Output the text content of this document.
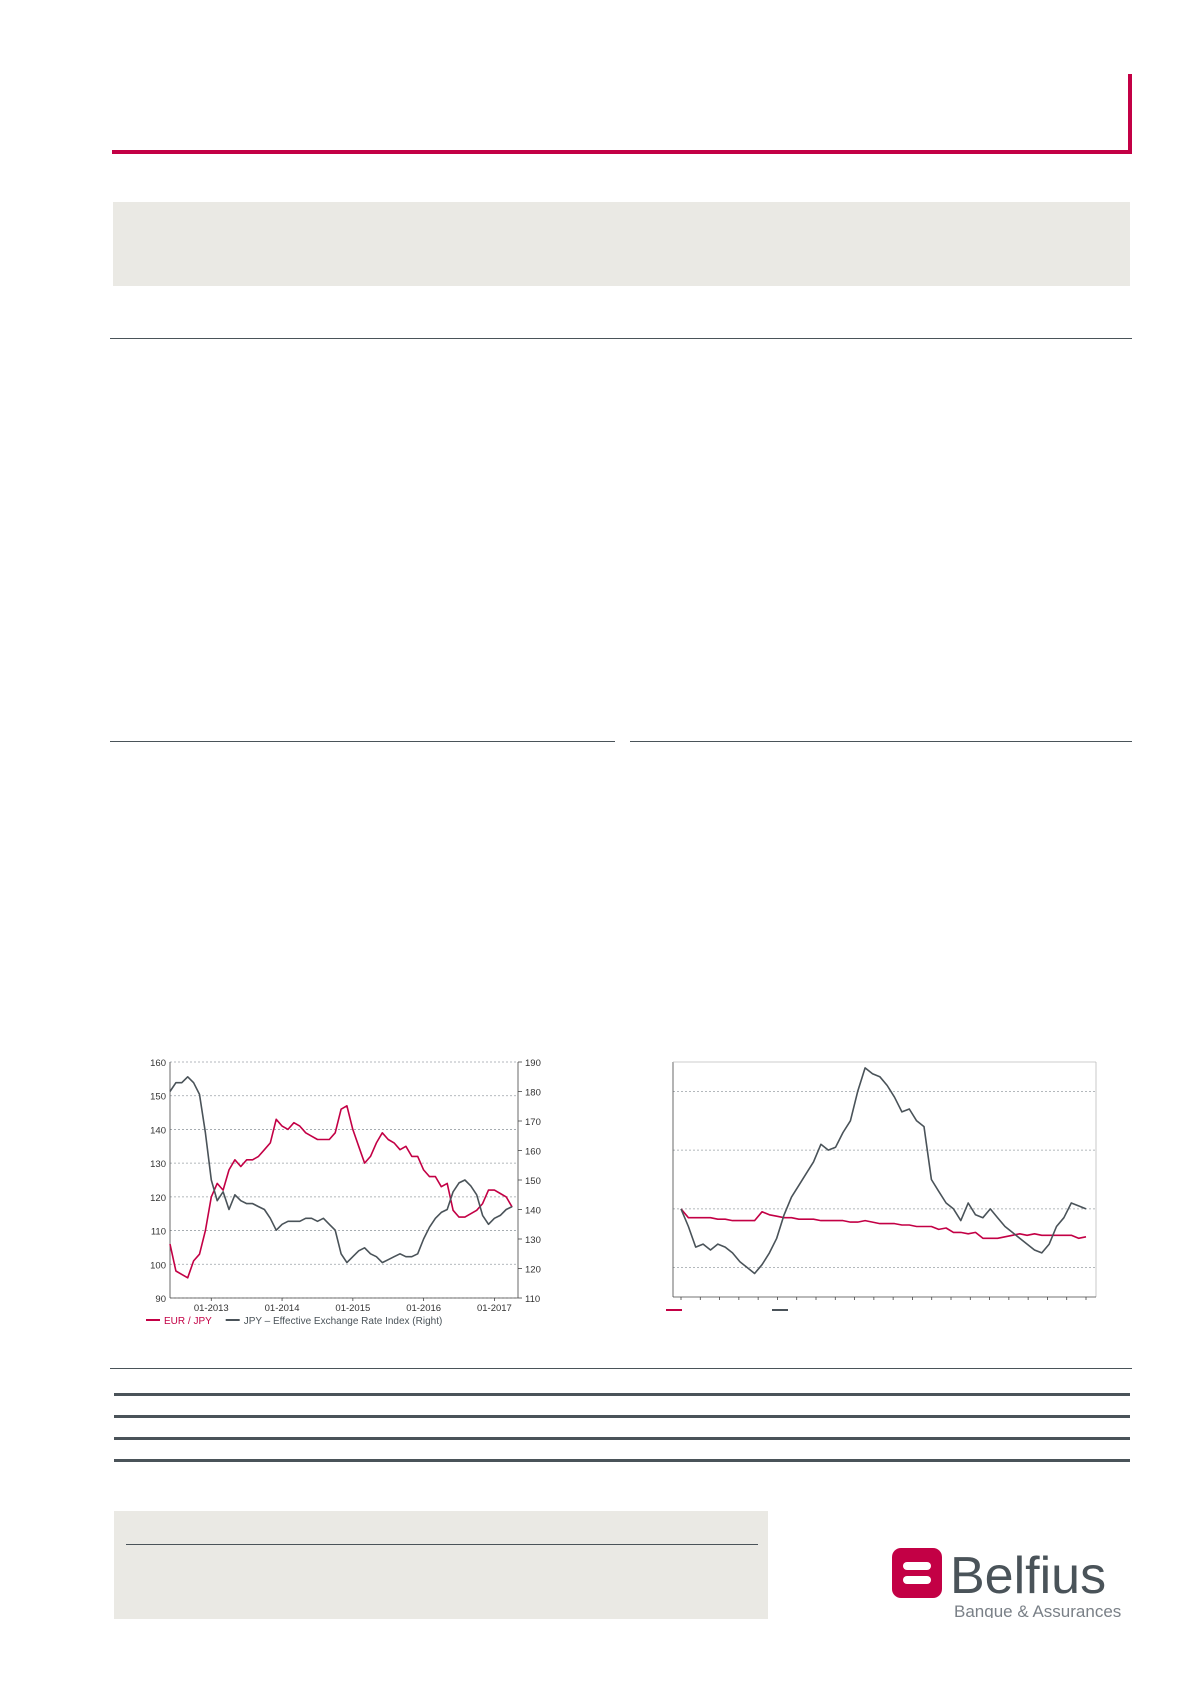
90
100
110
120
130
140
150
160
110
120
130
140
150
160
170
180
190
01-2013	01-2014	01-2015	01-2016	01-2017
EUR / JPY	JPY – Effective Exchange Rate Index (Right)
Belfius
Banque & Assurances
